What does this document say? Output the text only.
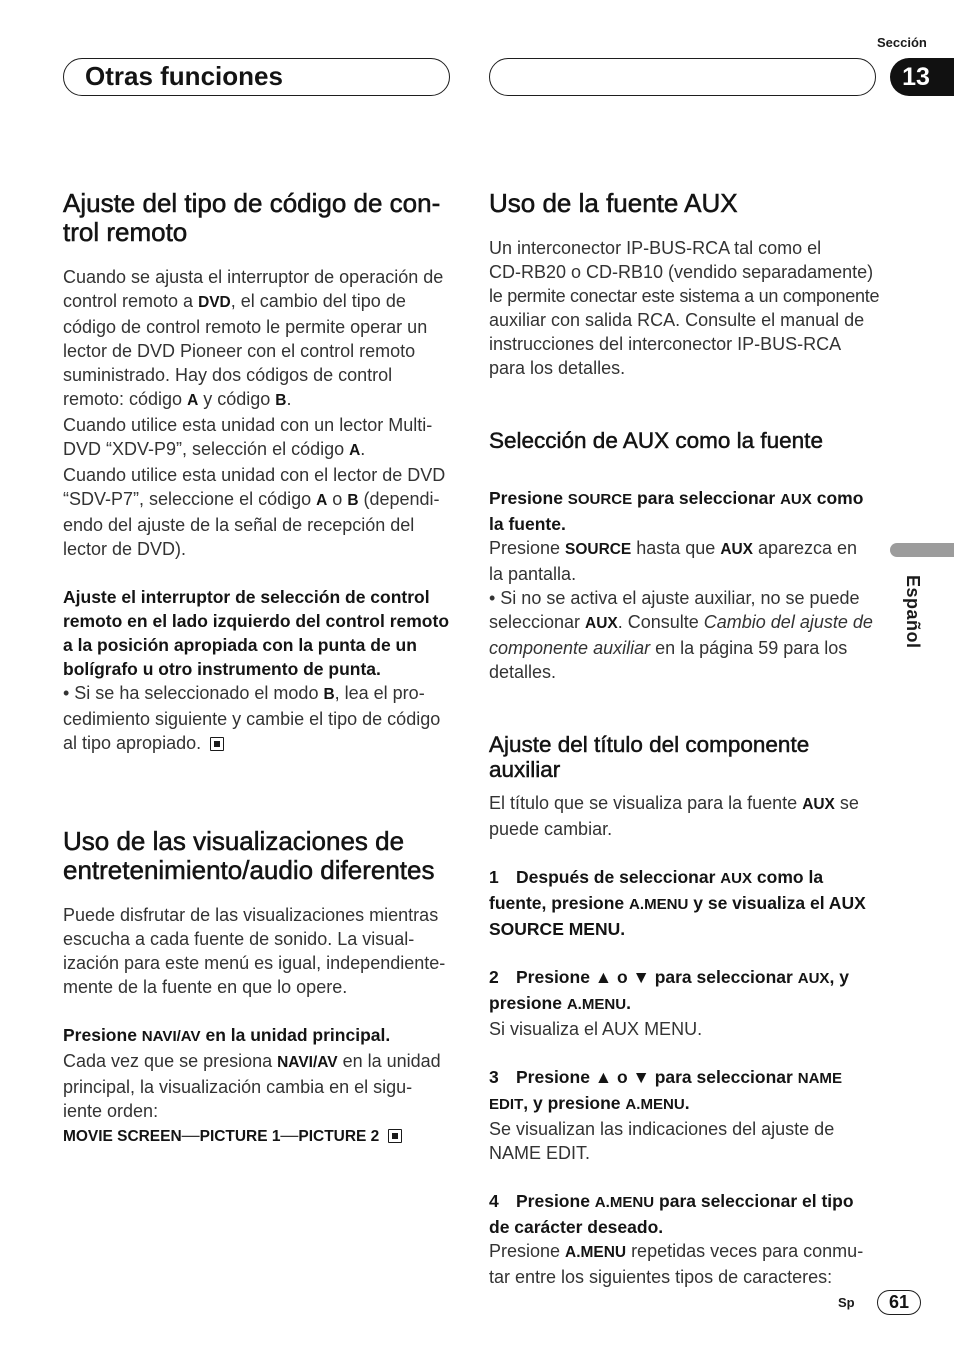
Sección
Otras funciones	13
Español
Ajuste del tipo de código de con-
trol remoto
Cuando se ajusta el interruptor de operación de
control remoto a DVD, el cambio del tipo de
código de control remoto le permite operar un
lector de DVD Pioneer con el control remoto
suministrado. Hay dos códigos de control
remoto: código A y código B.
Cuando utilice esta unidad con un lector Multi-
DVD “XDV-P9”, selección el código A.
Cuando utilice esta unidad con el lector de DVD
“SDV-P7”, seleccione el código A o B (dependi-
endo del ajuste de la señal de recepción del
lector de DVD).
Ajuste el interruptor de selección de control
remoto en el lado izquierdo del control remoto
a la posición apropiada con la punta de un
bolígrafo u otro instrumento de punta.
• Si se ha seleccionado el modo B, lea el pro-
cedimiento siguiente y cambie el tipo de código
al tipo apropiado.
Uso de las visualizaciones de
entretenimiento/audio diferentes
Puede disfrutar de las visualizaciones mientras
escucha a cada fuente de sonido. La visual-
ización para este menú es igual, independiente-
mente de la fuente en que lo opere.
Presione NAVI/AV en la unidad principal.
Cada vez que se presiona NAVI/AV en la unidad
principal, la visualización cambia en el sigu-
iente orden:
MOVIE SCREEN—PICTURE 1—PICTURE 2
Uso de la fuente AUX
Un interconector IP-BUS-RCA tal como el
CD-RB20 o CD-RB10 (vendido separadamente)
le permite conectar este sistema a un componente
auxiliar con salida RCA. Consulte el manual de
instrucciones del interconector IP-BUS-RCA
para los detalles.
Selección de AUX como la fuente
Presione SOURCE para seleccionar AUX como
la fuente.
Presione SOURCE hasta que AUX aparezca en
la pantalla.
• Si no se activa el ajuste auxiliar, no se puede
seleccionar AUX. Consulte Cambio del ajuste de
componente auxiliar en la página 59 para los
detalles.
Ajuste del título del componente
auxiliar
El título que se visualiza para la fuente AUX se
puede cambiar.
1 Después de seleccionar AUX como la
fuente, presione A.MENU y se visualiza el AUX
SOURCE MENU.
2 Presione ▲ o ▼ para seleccionar AUX, y
presione A.MENU.
Si visualiza el AUX MENU.
3 Presione ▲ o ▼ para seleccionar NAME
EDIT, y presione A.MENU.
Se visualizan las indicaciones del ajuste de
NAME EDIT.
4 Presione A.MENU para seleccionar el tipo
de carácter deseado.
Presione A.MENU repetidas veces para conmu-
tar entre los siguientes tipos de caracteres:
Sp	61
